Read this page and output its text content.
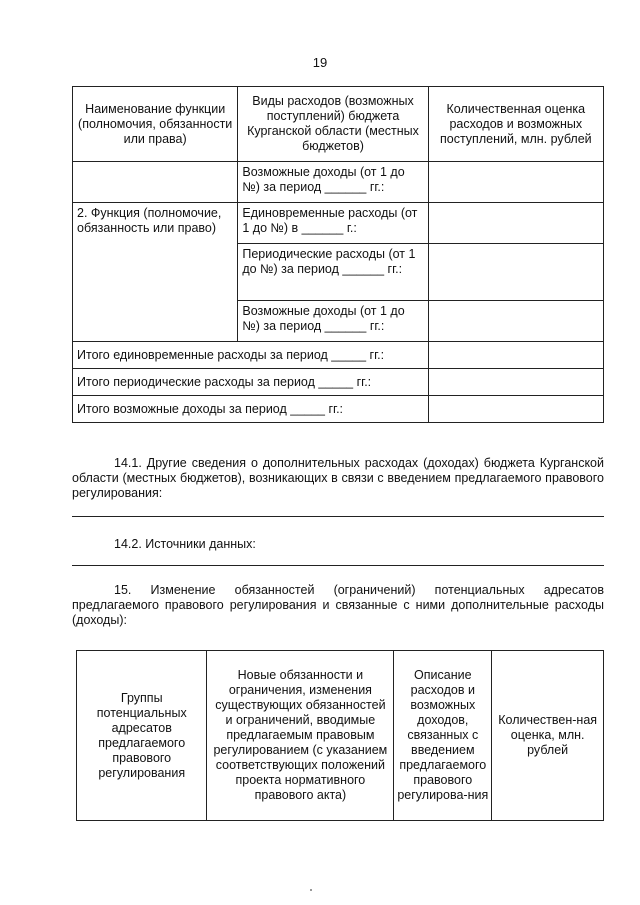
19
Наименование функции (полномочия, обязанности или права)	Виды расходов (возможных поступлений) бюджета Курганской области (местных бюджетов)	Количественная оценка расходов и возможных поступлений, млн. рублей
	Возможные доходы (от 1 до №) за период ______ гг.:	
2. Функция (полномочие, обязанность или право)	Единовременные расходы (от 1 до №) в ______ г.:	
	Периодические расходы (от 1 до №) за период ______ гг.:	
	Возможные доходы (от 1 до №) за период ______ гг.:	
Итого единовременные расходы за период _____ гг.:		
Итого периодические расходы за период _____ гг.:		
Итого возможные доходы за период _____ гг.:		
14.1. Другие сведения о дополнительных расходах (доходах) бюджета Курганской области (местных бюджетов), возникающих в связи с введением предлагаемого правового регулирования:
14.2. Источники данных:
15. Изменение обязанностей (ограничений) потенциальных адресатов предлагаемого правового регулирования и связанные с ними дополнительные расходы (доходы):
Группы потенциальных адресатов предлагаемого правового регулирования	Новые обязанности и ограничения, изменения существующих обязанностей и ограничений, вводимые предлагаемым правовым регулированием (с указанием соответствующих положений проекта нормативного правового акта)	Описание расходов и возможных доходов, связанных с введением предлагаемого правового регулирова-ния	Количествен-ная оценка, млн. рублей
